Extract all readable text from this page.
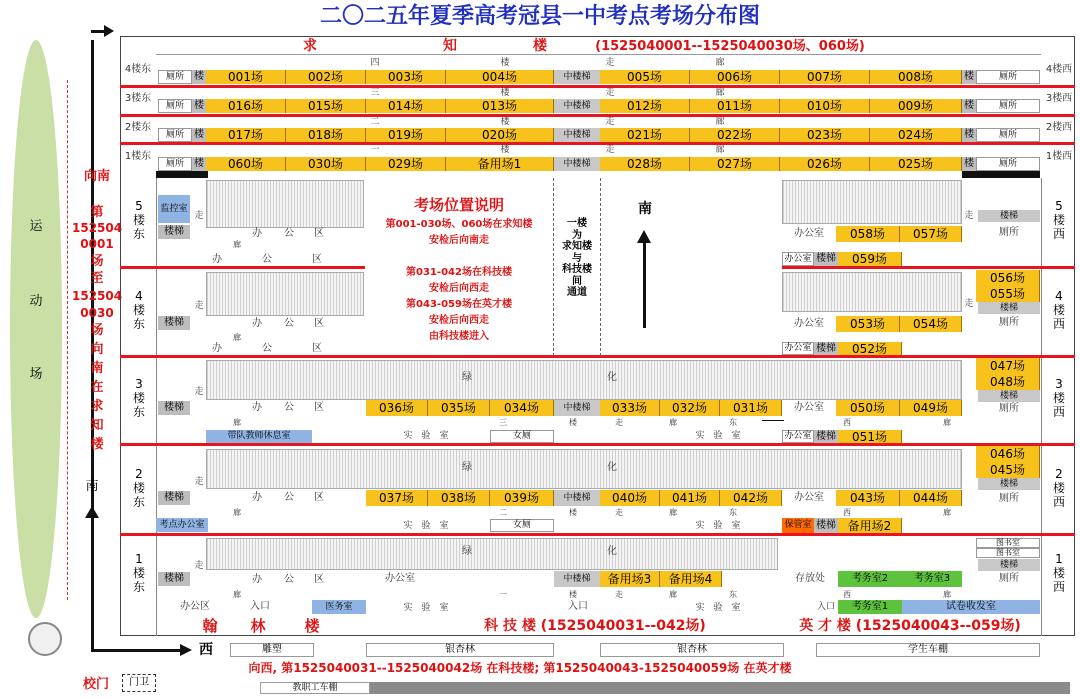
二〇二五年夏季高考冠县一中考点考场分布图
运
动
场
向南
第
152504
0001
场
至
152504
0030
场
向
南
在
求
知
楼
南
求	知	楼	(1525040001--1525040030场、060场)
4楼东	4楼西
四	楼	走	廊
厕所	楼	001场	002场	003场	004场	中楼梯	005场	006场	007场	008场	楼	厕所
3楼东	3楼西
三	楼	走	廊
厕所	楼	016场	015场	014场	013场	中楼梯	012场	011场	010场	009场	楼	厕所
2楼东	2楼西
二	楼	走	廊
厕所	楼	017场	018场	019场	020场	中楼梯	021场	022场	023场	024场	楼	厕所
1楼东	1楼西
一	楼	走	廊
厕所	楼	060场	030场	029场	备用场1	中楼梯	028场	027场	026场	025场	楼	厕所
5
楼
东
4
楼
东
3
楼
东
2
楼
东
1
楼
东
5
楼
西
4
楼
西
3
楼
西
2
楼
西
1
楼
西
监控室
楼梯
走
廊
办 公 区
办	公	区
楼梯
走
办 公 区
廊
办	公	区
考场位置说明
第001-030场、060场在求知楼
安检后向南走
第031-042场在科技楼
安检后向西走
第043-059场在英才楼
安检后向西走
由科技楼进入
一楼
为
求知楼
与
科技楼
间
通道
南
办公室	058场	057场
走	楼梯
厕所
办公室 楼梯	059场
056场
055场
楼梯
走
办公室	053场	054场	厕所
办公室 楼梯	052场
楼梯
走
绿	化
办 公 区	036场	035场	034场	中楼梯	033场	032场	031场	办公室	050场	049场
047场
048场
楼梯
厕所
廊	三	楼	走	廊	东	西	廊
带队教师休息室	实 验 室	女厕	实 验 室	办公室 楼梯	051场
楼梯
走
绿	化
办 公 区	037场	038场	039场	中楼梯	040场	041场	042场	办公室	043场	044场
046场
045场
楼梯
厕所
廊	二	楼	走	廊	东	西	廊
考点办公室	实 验 室	女厕	实 验 室	保管室 楼梯 备用场2
楼梯
走
绿	化
办 公 区	办公室	中楼梯	备用场3	备用场4	存放处	考务室2	考务室3
图书室
图书室
楼梯
厕所
廊	一	楼	走	廊	东	西	廊
办公区	入口	医务室	实 验 室	入口	实 验 室	入口	考务室1	试卷收发室
翰 林	楼	科 技 楼 (1525040031--042场)	英 才 楼 (1525040043--059场)
西	雕塑	银杏林	银杏林	学生车棚
向西, 第1525040031--1525040042场 在科技楼; 第1525040043-1525040059场 在英才楼
校门	门卫	教职工车棚
